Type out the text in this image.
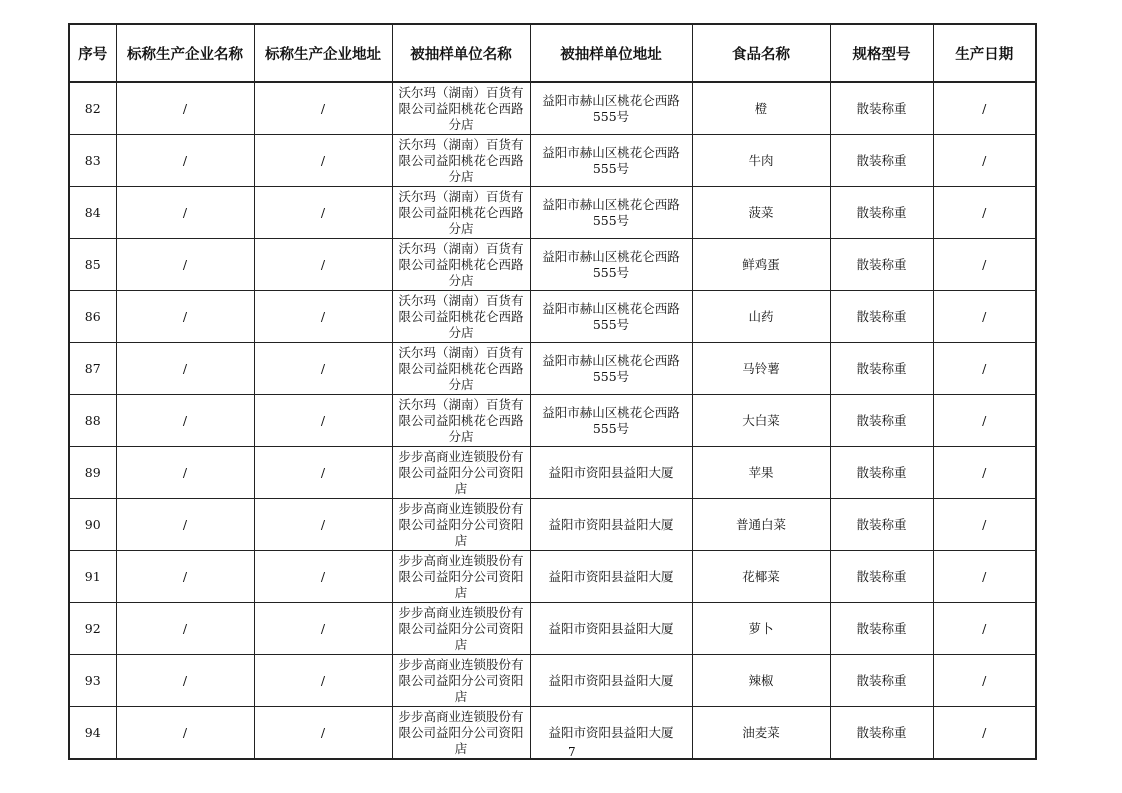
序号	标称生产企业名称	标称生产企业地址	被抽样单位名称	被抽样单位地址	食品名称	规格型号	生产日期
82	/	/	沃尔玛（湖南）百货有限公司益阳桃花仑西路分店	益阳市赫山区桃花仑西路555号	橙	散装称重	/
83	/	/	沃尔玛（湖南）百货有限公司益阳桃花仑西路分店	益阳市赫山区桃花仑西路555号	牛肉	散装称重	/
84	/	/	沃尔玛（湖南）百货有限公司益阳桃花仑西路分店	益阳市赫山区桃花仑西路555号	菠菜	散装称重	/
85	/	/	沃尔玛（湖南）百货有限公司益阳桃花仑西路分店	益阳市赫山区桃花仑西路555号	鲜鸡蛋	散装称重	/
86	/	/	沃尔玛（湖南）百货有限公司益阳桃花仑西路分店	益阳市赫山区桃花仑西路555号	山药	散装称重	/
87	/	/	沃尔玛（湖南）百货有限公司益阳桃花仑西路分店	益阳市赫山区桃花仑西路555号	马铃薯	散装称重	/
88	/	/	沃尔玛（湖南）百货有限公司益阳桃花仑西路分店	益阳市赫山区桃花仑西路555号	大白菜	散装称重	/
89	/	/	步步高商业连锁股份有限公司益阳分公司资阳店	益阳市资阳县益阳大厦	苹果	散装称重	/
90	/	/	步步高商业连锁股份有限公司益阳分公司资阳店	益阳市资阳县益阳大厦	普通白菜	散装称重	/
91	/	/	步步高商业连锁股份有限公司益阳分公司资阳店	益阳市资阳县益阳大厦	花椰菜	散装称重	/
92	/	/	步步高商业连锁股份有限公司益阳分公司资阳店	益阳市资阳县益阳大厦	萝卜	散装称重	/
93	/	/	步步高商业连锁股份有限公司益阳分公司资阳店	益阳市资阳县益阳大厦	辣椒	散装称重	/
94	/	/	步步高商业连锁股份有限公司益阳分公司资阳店	益阳市资阳县益阳大厦	油麦菜	散装称重	/
7
